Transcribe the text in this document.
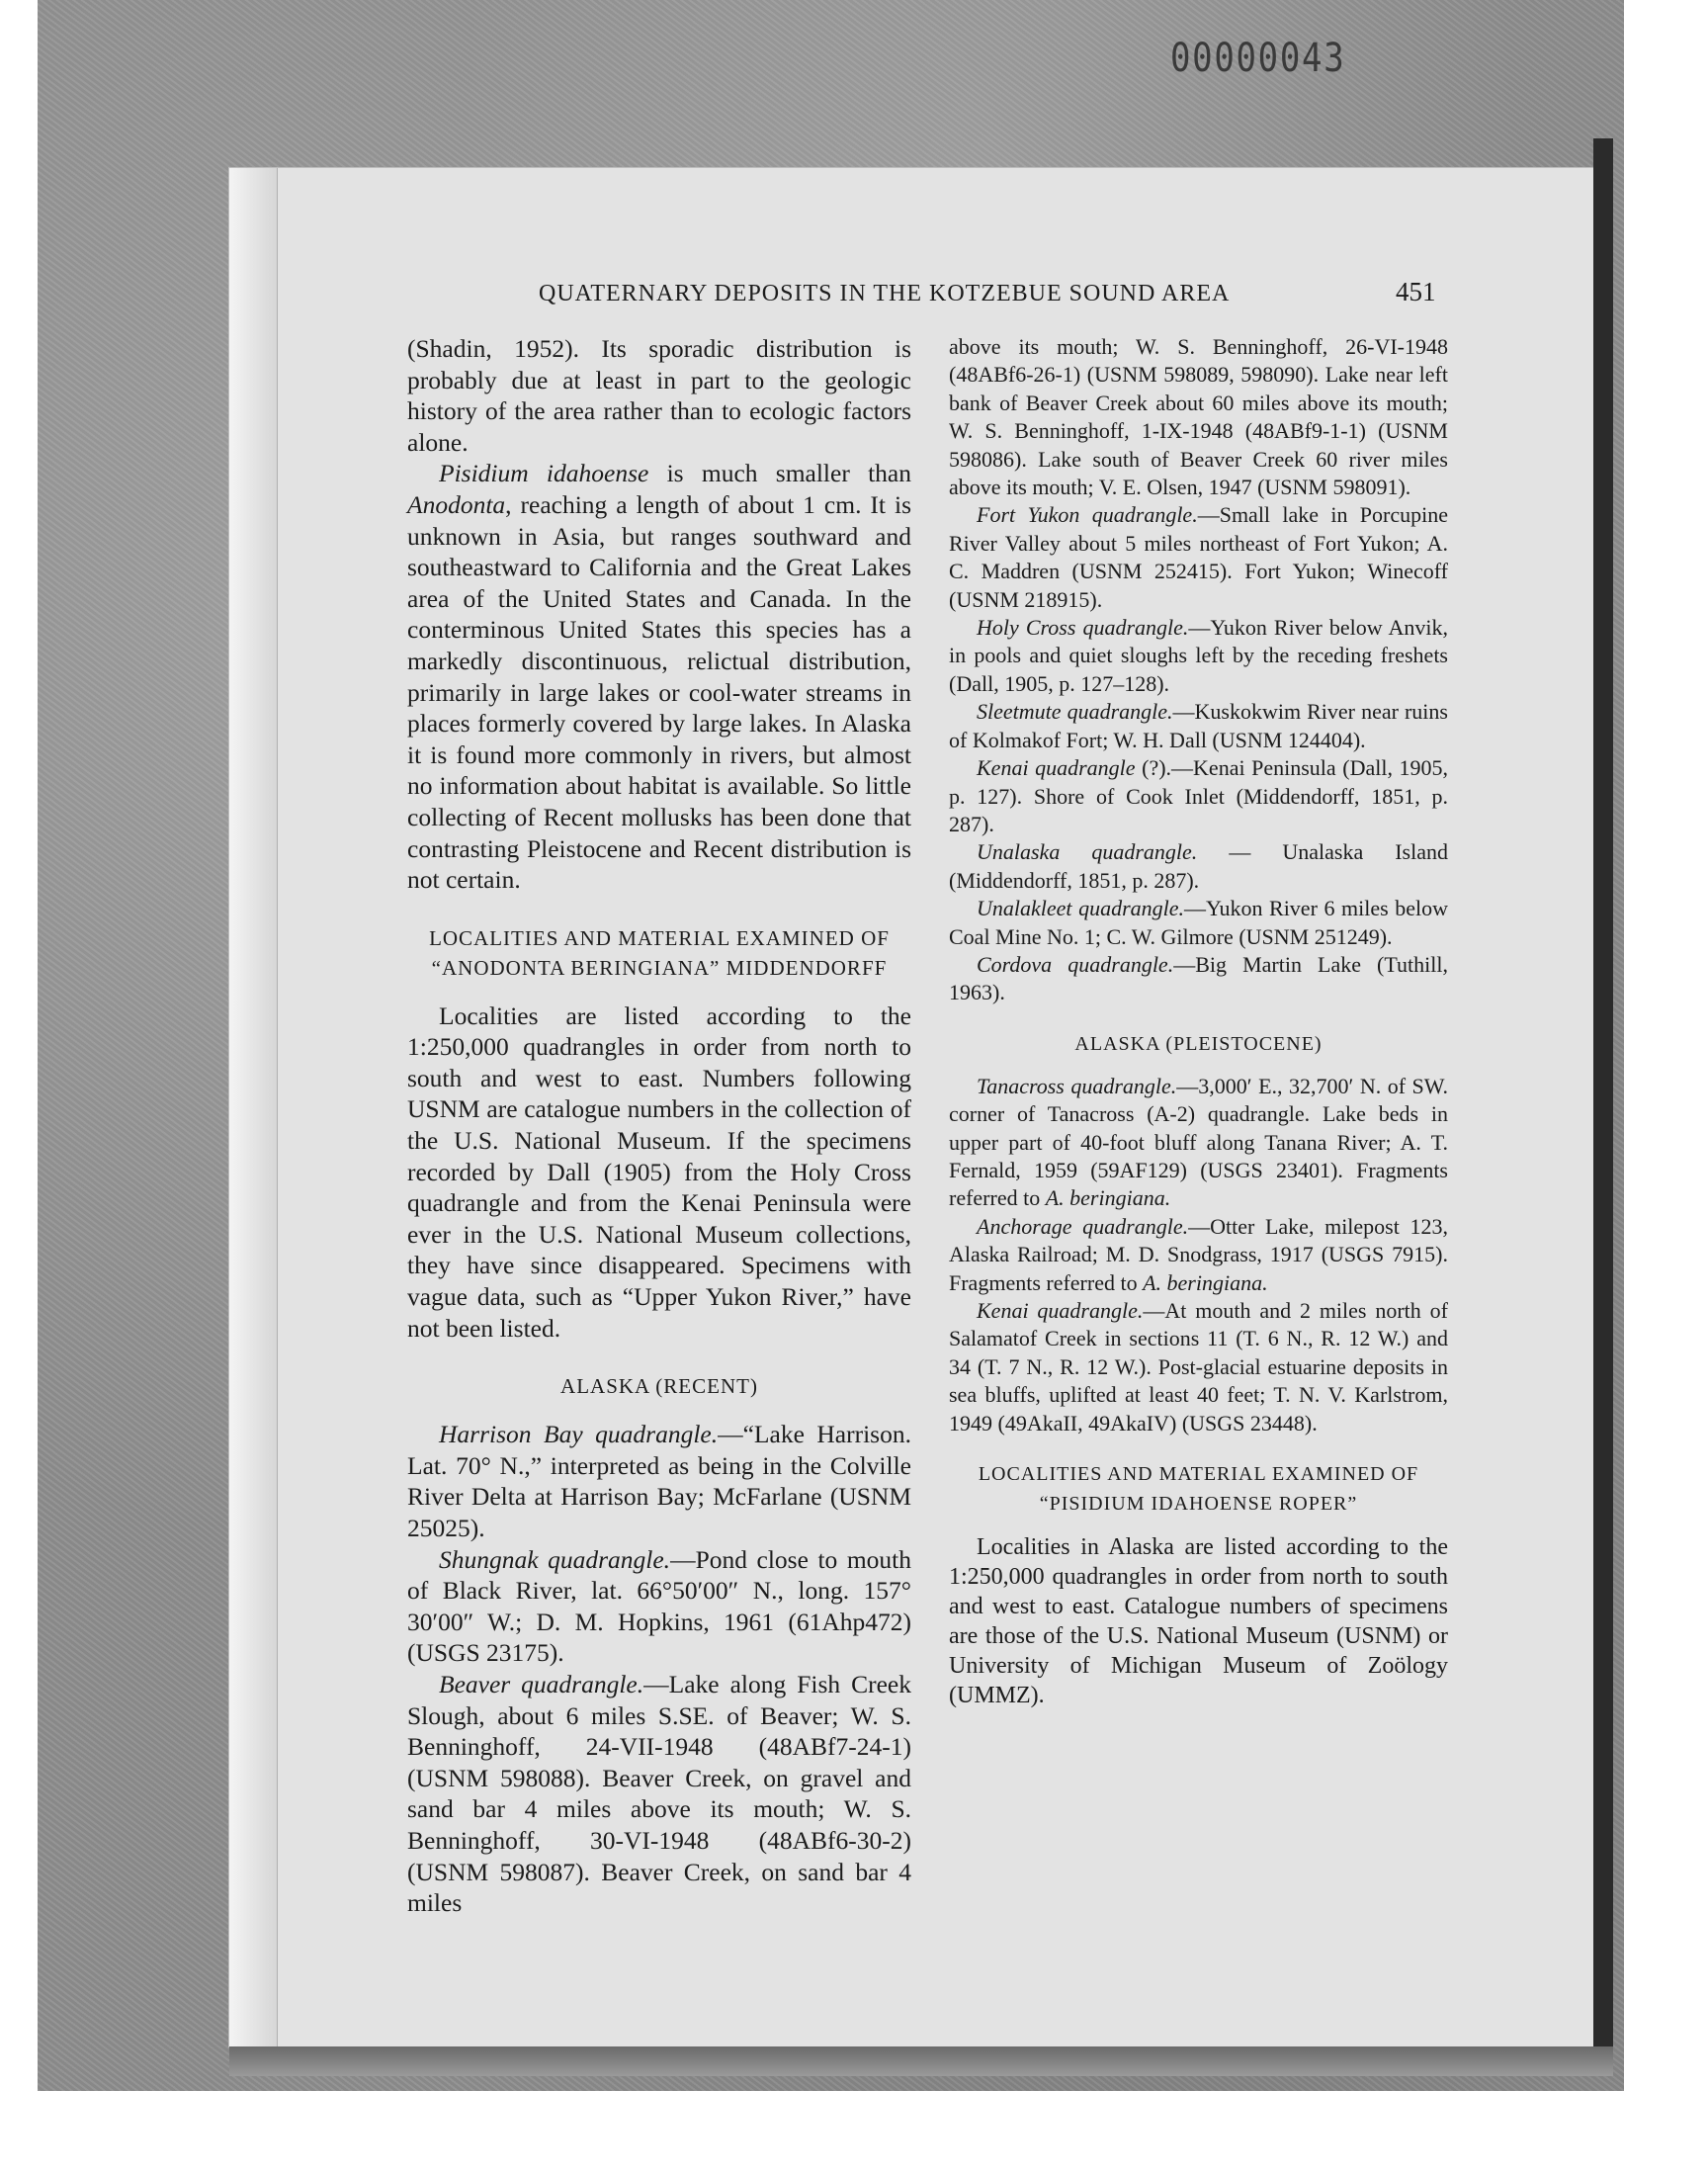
00000043
QUATERNARY DEPOSITS IN THE KOTZEBUE SOUND AREA	451

(Shadin, 1952). Its sporadic distribution is probably due at least in part to the geologic history of the area rather than to ecologic factors alone.

Pisidium idahoense is much smaller than Anodonta, reaching a length of about 1 cm. It is unknown in Asia, but ranges southward and southeastward to California and the Great Lakes area of the United States and Canada. In the conterminous United States this species has a markedly discontinuous, relictual distribution, primarily in large lakes or cool-water streams in places formerly covered by large lakes. In Alaska it is found more commonly in rivers, but almost no information about habitat is available. So little collecting of Recent mollusks has been done that contrasting Pleistocene and Recent distribution is not certain.

LOCALITIES AND MATERIAL EXAMINED OF
“ANODONTA BERINGIANA” MIDDENDORFF

Localities are listed according to the 1:250,000 quadrangles in order from north to south and west to east. Numbers following USNM are catalogue numbers in the collection of the U.S. National Museum. If the specimens recorded by Dall (1905) from the Holy Cross quadrangle and from the Kenai Peninsula were ever in the U.S. National Museum collections, they have since disappeared. Specimens with vague data, such as “Upper Yukon River,” have not been listed.

ALASKA (RECENT)

Harrison Bay quadrangle.—“Lake Harrison. Lat. 70° N.,” interpreted as being in the Colville River Delta at Harrison Bay; McFarlane (USNM 25025).

Shungnak quadrangle.—Pond close to mouth of Black River, lat. 66°50′00″ N., long. 157° 30′00″ W.; D. M. Hopkins, 1961 (61Ahp472) (USGS 23175).

Beaver quadrangle.—Lake along Fish Creek Slough, about 6 miles S.SE. of Beaver; W. S. Benninghoff, 24-VII-1948 (48ABf7-24-1) (USNM 598088). Beaver Creek, on gravel and sand bar 4 miles above its mouth; W. S. Benninghoff, 30-VI-1948 (48ABf6-30-2) (USNM 598087). Beaver Creek, on sand bar 4 miles

above its mouth; W. S. Benninghoff, 26-VI-1948 (48ABf6-26-1) (USNM 598089, 598090). Lake near left bank of Beaver Creek about 60 miles above its mouth; W. S. Benninghoff, 1-IX-1948 (48ABf9-1-1) (USNM 598086). Lake south of Beaver Creek 60 river miles above its mouth; V. E. Olsen, 1947 (USNM 598091).

Fort Yukon quadrangle.—Small lake in Porcupine River Valley about 5 miles northeast of Fort Yukon; A. C. Maddren (USNM 252415). Fort Yukon; Winecoff (USNM 218915).

Holy Cross quadrangle.—Yukon River below Anvik, in pools and quiet sloughs left by the receding freshets (Dall, 1905, p. 127–128).

Sleetmute quadrangle.—Kuskokwim River near ruins of Kolmakof Fort; W. H. Dall (USNM 124404).

Kenai quadrangle (?).—Kenai Peninsula (Dall, 1905, p. 127). Shore of Cook Inlet (Middendorff, 1851, p. 287).

Unalaska quadrangle. — Unalaska Island (Middendorff, 1851, p. 287).

Unalakleet quadrangle.—Yukon River 6 miles below Coal Mine No. 1; C. W. Gilmore (USNM 251249).

Cordova quadrangle.—Big Martin Lake (Tuthill, 1963).

ALASKA (PLEISTOCENE)

Tanacross quadrangle.—3,000′ E., 32,700′ N. of SW. corner of Tanacross (A-2) quadrangle. Lake beds in upper part of 40-foot bluff along Tanana River; A. T. Fernald, 1959 (59AF129) (USGS 23401). Fragments referred to A. beringiana.

Anchorage quadrangle.—Otter Lake, milepost 123, Alaska Railroad; M. D. Snodgrass, 1917 (USGS 7915). Fragments referred to A. beringiana.

Kenai quadrangle.—At mouth and 2 miles north of Salamatof Creek in sections 11 (T. 6 N., R. 12 W.) and 34 (T. 7 N., R. 12 W.). Post-glacial estuarine deposits in sea bluffs, uplifted at least 40 feet; T. N. V. Karlstrom, 1949 (49AkaII, 49AkaIV) (USGS 23448).

LOCALITIES AND MATERIAL EXAMINED OF
“PISIDIUM IDAHOENSE ROPER”

Localities in Alaska are listed according to the 1:250,000 quadrangles in order from north to south and west to east. Catalogue numbers of specimens are those of the U.S. National Museum (USNM) or University of Michigan Museum of Zoölogy (UMMZ).
